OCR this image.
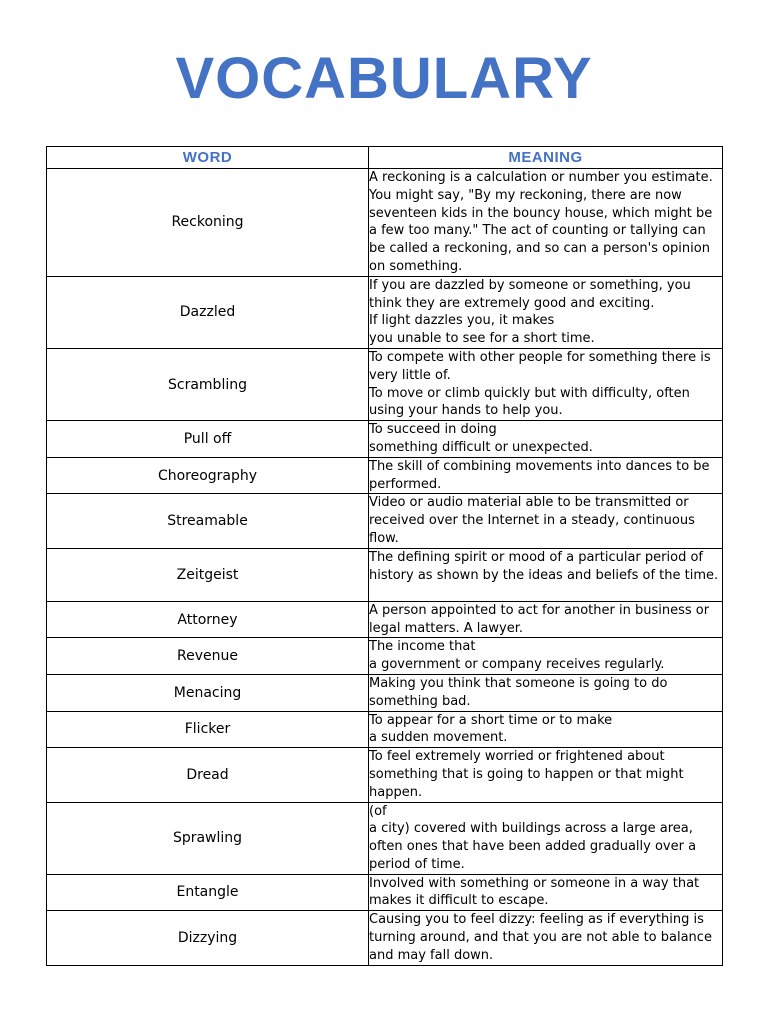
VOCABULARY
WORD	MEANING
Reckoning	A reckoning is a calculation or number you estimate. You might say, "By my reckoning, there are now seventeen kids in the bouncy house, which might be a few too many." The act of counting or tallying can be called a reckoning, and so can a person's opinion on something.
Dazzled	If you are dazzled by someone or something, you think they are extremely good and exciting.
If light dazzles you, it makes
you unable to see for a short time.
Scrambling	To compete with other people for something there is very little of.
To move or climb quickly but with difficulty, often using your hands to help you.
Pull off	To succeed in doing
something difficult or unexpected.
Choreography	The skill of combining movements into dances to be performed.
Streamable	Video or audio material able to be transmitted or received over the Internet in a steady, continuous flow.
Zeitgeist	The defining spirit or mood of a particular period of history as shown by the ideas and beliefs of the time.
Attorney	A person appointed to act for another in business or legal matters. A lawyer.
Revenue	The income that
a government or company receives regularly.
Menacing	Making you think that someone is going to do something bad.
Flicker	To appear for a short time or to make
a sudden movement.
Dread	To feel extremely worried or frightened about something that is going to happen or that might happen.
Sprawling	(of
a city) covered with buildings across a large area, often ones that have been added gradually over a period of time.
Entangle	Involved with something or someone in a way that makes it difficult to escape.
Dizzying	Causing you to feel dizzy: feeling as if everything is turning around, and that you are not able to balance and may fall down.
